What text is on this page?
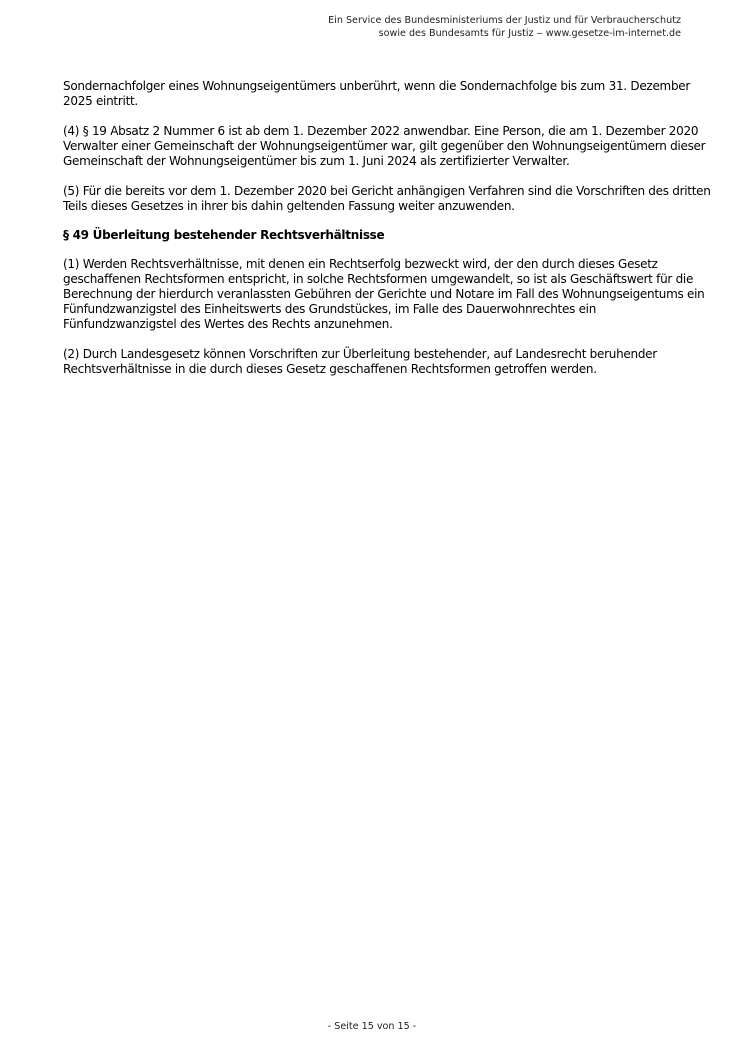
Ein Service des Bundesministeriums der Justiz und für Verbraucherschutz
sowie des Bundesamts für Justiz ‒ www.gesetze-im-internet.de

Sondernachfolger eines Wohnungseigentümers unberührt, wenn die Sondernachfolge bis zum 31. Dezember 2025 eintritt.

(4) § 19 Absatz 2 Nummer 6 ist ab dem 1. Dezember 2022 anwendbar. Eine Person, die am 1. Dezember 2020 Verwalter einer Gemeinschaft der Wohnungseigentümer war, gilt gegenüber den Wohnungseigentümern dieser Gemeinschaft der Wohnungseigentümer bis zum 1. Juni 2024 als zertifizierter Verwalter.

(5) Für die bereits vor dem 1. Dezember 2020 bei Gericht anhängigen Verfahren sind die Vorschriften des dritten Teils dieses Gesetzes in ihrer bis dahin geltenden Fassung weiter anzuwenden.

§ 49 Überleitung bestehender Rechtsverhältnisse

(1) Werden Rechtsverhältnisse, mit denen ein Rechtserfolg bezweckt wird, der den durch dieses Gesetz geschaffenen Rechtsformen entspricht, in solche Rechtsformen umgewandelt, so ist als Geschäftswert für die Berechnung der hierdurch veranlassten Gebühren der Gerichte und Notare im Fall des Wohnungseigentums ein Fünfundzwanzigstel des Einheitswerts des Grundstückes, im Falle des Dauerwohnrechtes ein Fünfundzwanzigstel des Wertes des Rechts anzunehmen.

(2) Durch Landesgesetz können Vorschriften zur Überleitung bestehender, auf Landesrecht beruhender Rechtsverhältnisse in die durch dieses Gesetz geschaffenen Rechtsformen getroffen werden.

- Seite 15 von 15 -
